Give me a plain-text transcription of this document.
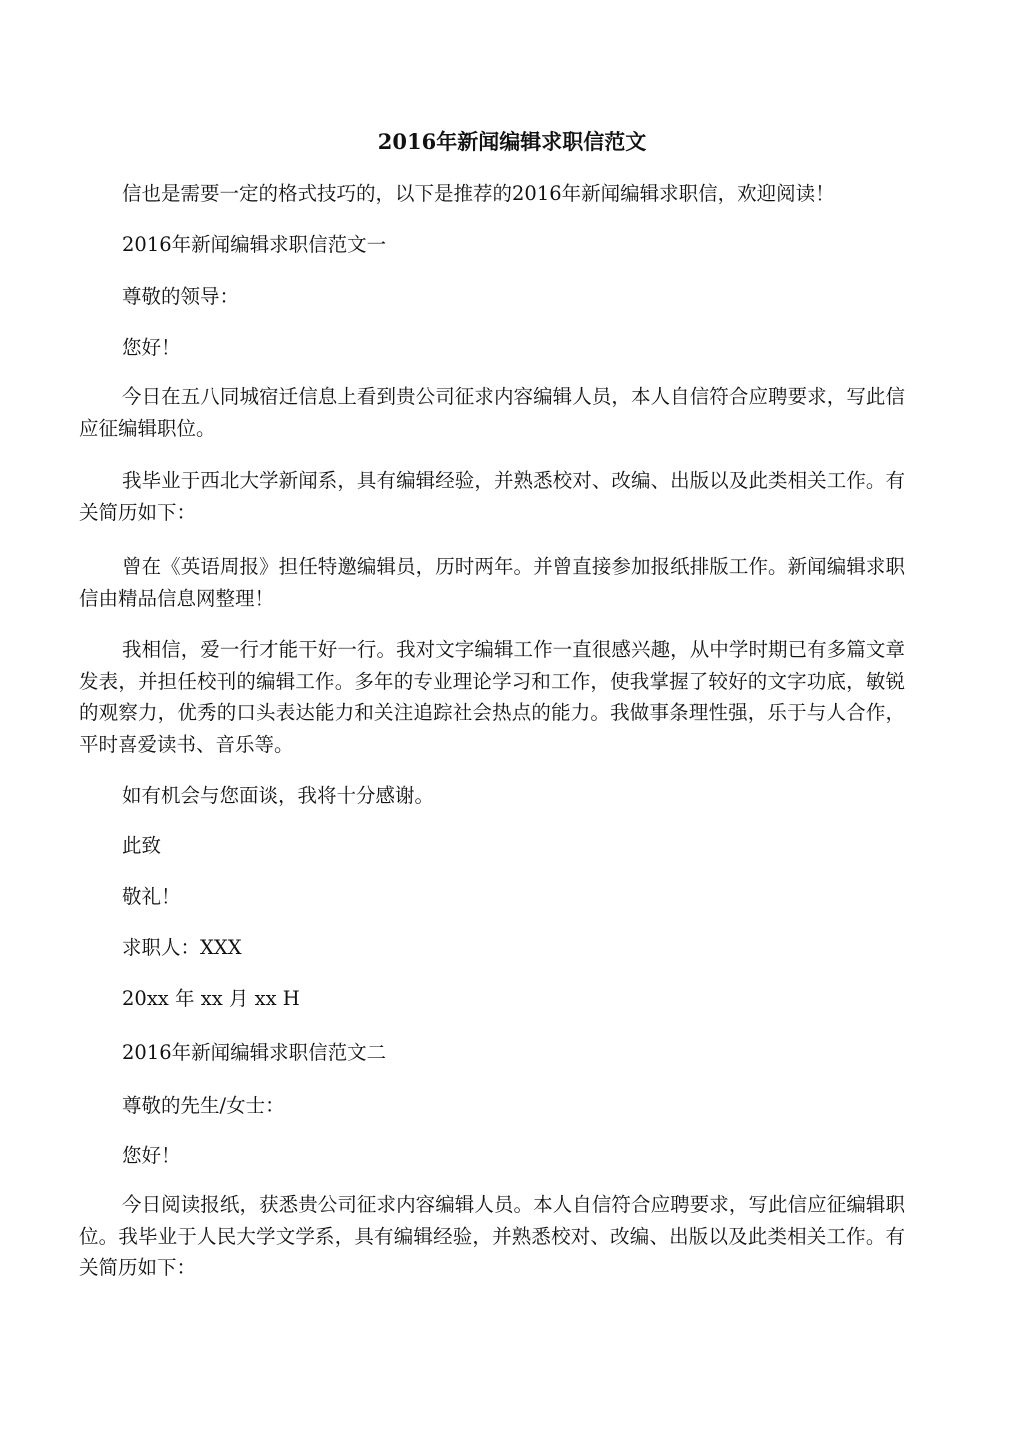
2016年新闻编辑求职信范文

信也是需要一定的格式技巧的，以下是推荐的2016年新闻编辑求职信，欢迎阅读！

2016年新闻编辑求职信范文一

尊敬的领导：

您好！

今日在五八同城宿迁信息上看到贵公司征求内容编辑人员，本人自信符合应聘要求，写此信应征编辑职位。

我毕业于西北大学新闻系，具有编辑经验，并熟悉校对、改编、出版以及此类相关工作。有关简历如下：

曾在《英语周报》担任特邀编辑员，历时两年。并曾直接参加报纸排版工作。新闻编辑求职信由精品信息网整理！

我相信，爱一行才能干好一行。我对文字编辑工作一直很感兴趣，从中学时期已有多篇文章发表，并担任校刊的编辑工作。多年的专业理论学习和工作，使我掌握了较好的文字功底，敏锐的观察力，优秀的口头表达能力和关注追踪社会热点的能力。我做事条理性强，乐于与人合作，平时喜爱读书、音乐等。

如有机会与您面谈，我将十分感谢。

此致

敬礼！

求职人：XXX

20xx 年 xx 月 xx H

2016年新闻编辑求职信范文二

尊敬的先生/女士：

您好！

今日阅读报纸，获悉贵公司征求内容编辑人员。本人自信符合应聘要求，写此信应征编辑职位。我毕业于人民大学文学系，具有编辑经验，并熟悉校对、改编、出版以及此类相关工作。有关简历如下：
